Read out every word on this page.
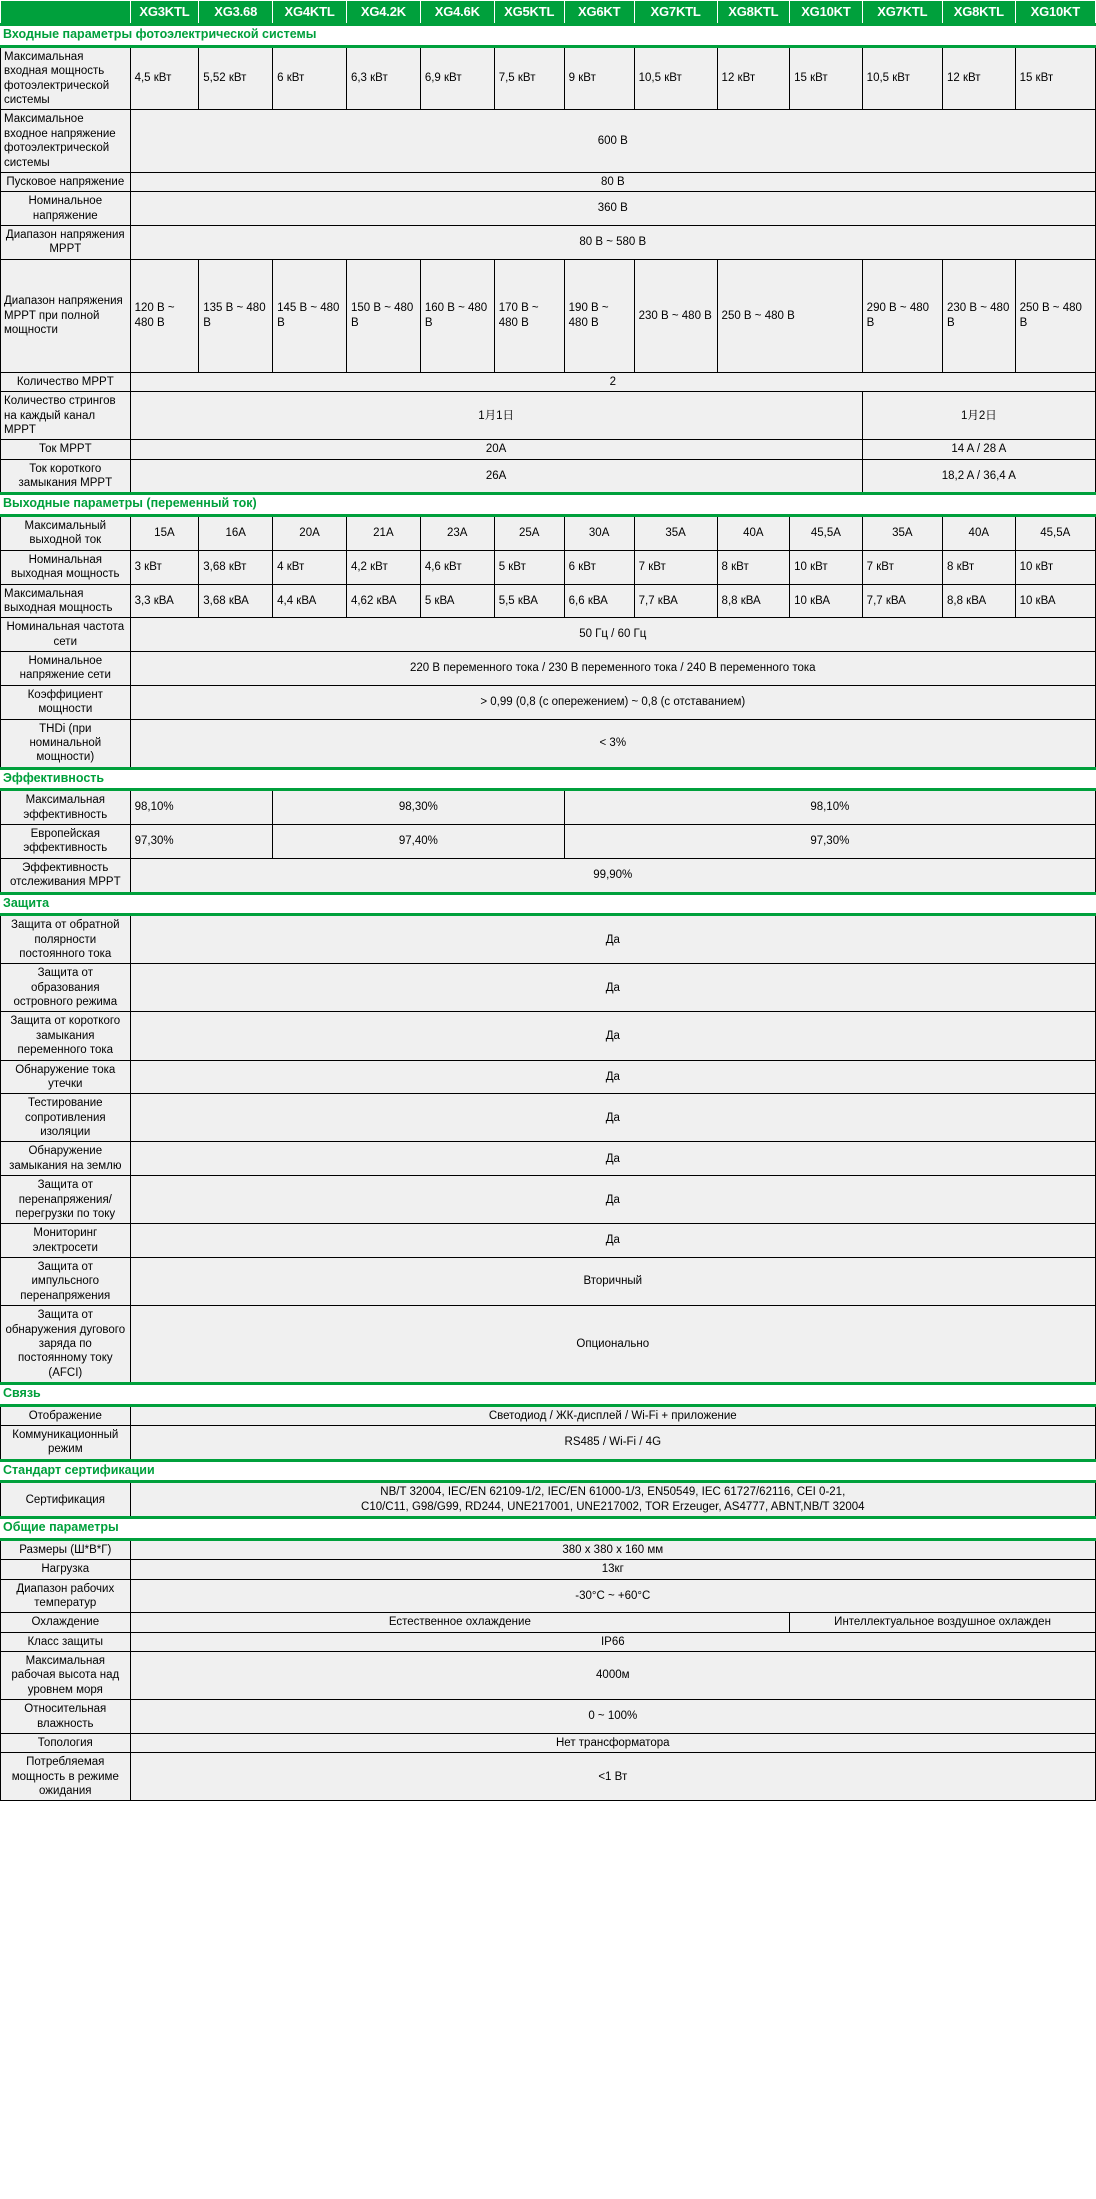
	XG3KTL	XG3.68	XG4KTL	XG4.2K	XG4.6K	XG5KTL	XG6KT	XG7KTL	XG8KTL	XG10KT	XG7KTL	XG8KTL	XG10KT
Входные параметры фотоэлектрической системы													
Максимальная входная мощность фотоэлектрической системы	4,5 кВт	5,52 кВт	6 кВт	6,3 кВт	6,9 кВт	7,5 кВт	9 кВт	10,5 кВт	12 кВт	15 кВт	10,5 кВт	12 кВт	15 кВт
Максимальное входное напряжение фотоэлектрической системы	600 В												
Пусковое напряжение	80 В												
Номинальное напряжение	360 В												
Диапазон напряжения MPPT	80 В ~ 580 В												
Диапазон напряжения MPPT при полной мощности	120 В ~ 480 В	135 В ~ 480 В	145 В ~ 480 В	150 В ~ 480 В	160 В ~ 480 В	170 В ~ 480 В	190 В ~ 480 В	230 В ~ 480 В	250 В ~ 480 В		290 В ~ 480 В	230 В ~ 480 В	250 В ~ 480 В
Количество MPPT	2												
Количество стрингов на каждый канал MPPT	1月1日										1月2日		
Ток MPPT	20A										14 A / 28 A		
Ток короткого замыкания MPPT	26A										18,2 A / 36,4 A		
Выходные параметры (переменный ток)													
Максимальный выходной ток	15A	16A	20A	21A	23A	25A	30A	35A	40A	45,5A	35A	40A	45,5A
Номинальная выходная мощность	3 кВт	3,68 кВт	4 кВт	4,2 кВт	4,6 кВт	5 кВт	6 кВт	7 кВт	8 кВт	10 кВт	7 кВт	8 кВт	10 кВт
Максимальная выходная мощность	3,3 кВА	3,68 кВА	4,4 кВА	4,62 кВА	5 кВА	5,5 кВА	6,6 кВА	7,7 кВА	8,8 кВА	10 кВА	7,7 кВА	8,8 кВА	10 кВА
Номинальная частота сети	50 Гц / 60 Гц												
Номинальное напряжение сети	220 В переменного тока / 230 В переменного тока / 240 В переменного тока												
Коэффициент мощности	> 0,99 (0,8 (с опережением) ~ 0,8 (с отставанием)												
THDi (при номинальной мощности)	< 3%												
Эффективность													
Максимальная эффективность	98,10%		98,30%				98,10%						
Европейская эффективность	97,30%		97,40%				97,30%						
Эффективность отслеживания MPPT	99,90%												
Защита													
Защита от обратной полярности постоянного тока	Да												
Защита от образования островного режима	Да												
Защита от короткого замыкания переменного тока	Да												
Обнаружение тока утечки	Да												
Тестирование сопротивления изоляции	Да												
Обнаружение замыкания на землю	Да												
Защита от перенапряжения/перегрузки по току	Да												
Мониторинг электросети	Да												
Защита от импульсного перенапряжения	Вторичный												
Защита от обнаружения дугового заряда по постоянному току (AFCI)	Опционально												
Связь													
Отображение	Светодиод / ЖК-дисплей / Wi-Fi + приложение												
Коммуникационный режим	RS485 / Wi-Fi / 4G												
Стандарт сертификации													
Сертификация	NB/T 32004, IEC/EN 62109-1/2, IEC/EN 61000-1/3, EN50549, IEC 61727/62116, CEI 0-21,
C10/C11, G98/G99, RD244, UNE217001, UNE217002, TOR Erzeuger, AS4777, ABNT,NB/T 32004												

Общие параметры													
Размеры (Ш*В*Г)	380 x 380 x 160 мм												
Нагрузка	13кг												
Диапазон рабочих температур	-30°C ~ +60°C												
Охлаждение	Естественное охлаждение									Интеллектуальное воздушное охлажден			
Класс защиты	IP66												
Максимальная рабочая высота над уровнем моря	4000м												
Относительная влажность	0 ~ 100%												
Топология	Нет трансформатора												
Потребляемая мощность в режиме ожидания	<1 Вт												
